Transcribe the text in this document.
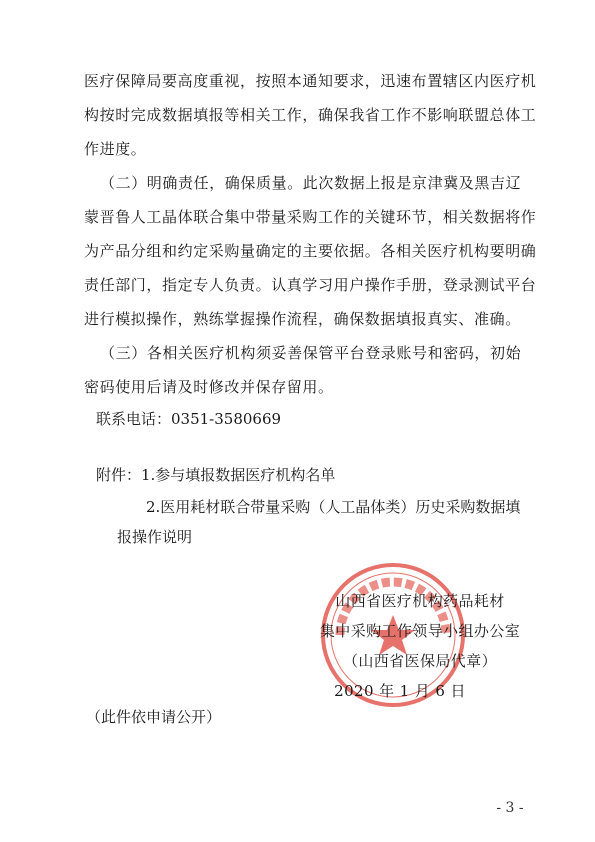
医疗保障局要高度重视，按照本通知要求，迅速布置辖区内医疗机
构按时完成数据填报等相关工作，确保我省工作不影响联盟总体工
作进度。
（二）明确责任，确保质量。此次数据上报是京津冀及黑吉辽
蒙晋鲁人工晶体联合集中带量采购工作的关键环节，相关数据将作
为产品分组和约定采购量确定的主要依据。各相关医疗机构要明确
责任部门，指定专人负责。认真学习用户操作手册，登录测试平台
进行模拟操作，熟练掌握操作流程，确保数据填报真实、准确。
（三）各相关医疗机构须妥善保管平台登录账号和密码，初始
密码使用后请及时修改并保存留用。
联系电话：0351-3580669
附件：1.参与填报数据医疗机构名单
2.医用耗材联合带量采购（人工晶体类）历史采购数据填
报操作说明
山西省医疗机构药品耗材
集中采购工作领导小组办公室
（山西省医保局代章）
2020 年 1 月 6 日
（此件依申请公开）
- 3 -
